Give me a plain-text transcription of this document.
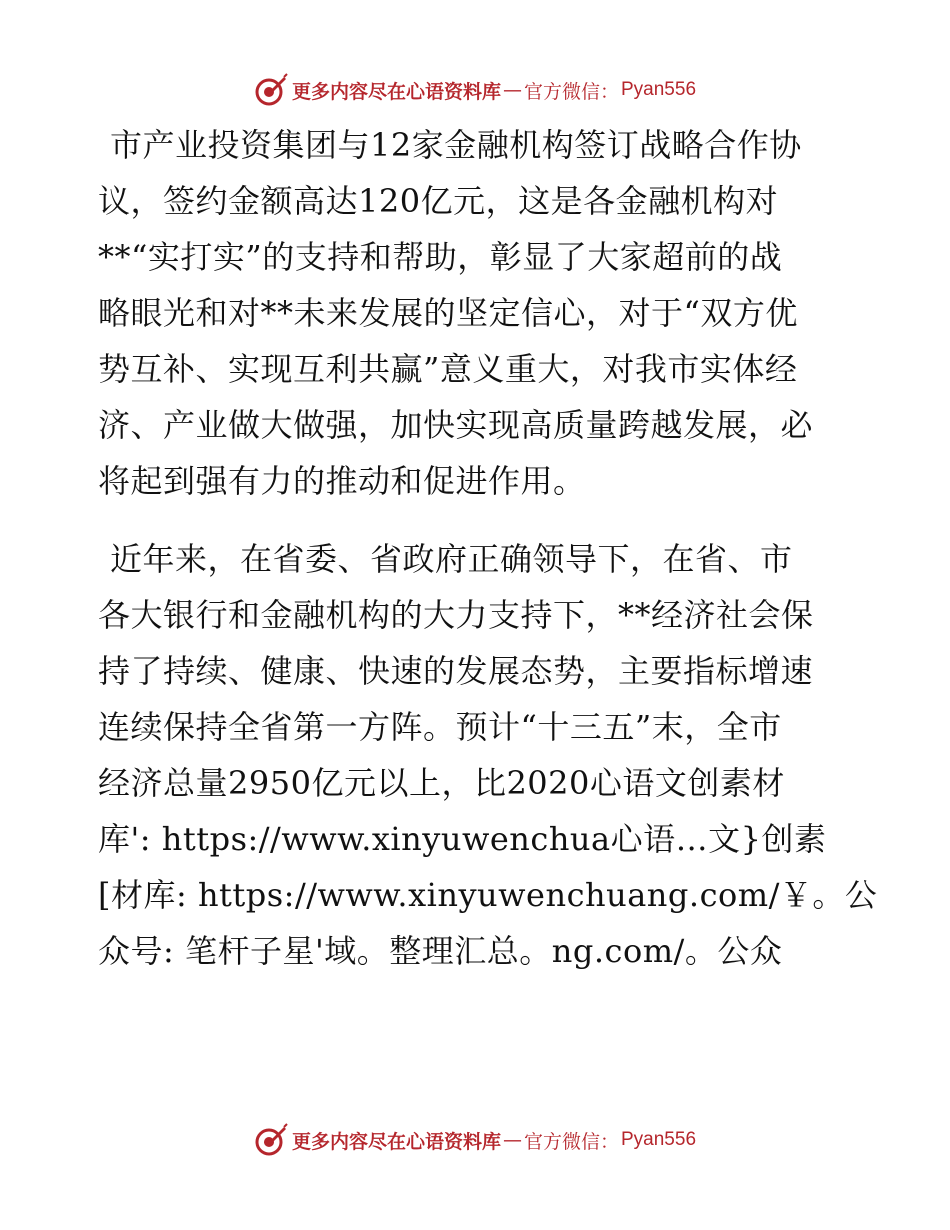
更多内容尽在心语资料库 — 官方微信： Pyan556

市产业投资集团与12家金融机构签订战略合作协
议，签约金额高达120亿元，这是各金融机构对
**“实打实”的支持和帮助，彰显了大家超前的战
略眼光和对**未来发展的坚定信心，对于“双方优
势互补、实现互利共赢”意义重大，对我市实体经
济、产业做大做强，加快实现高质量跨越发展，必
将起到强有力的推动和促进作用。

近年来，在省委、省政府正确领导下，在省、市
各大银行和金融机构的大力支持下，**经济社会保
持了持续、健康、快速的发展态势，主要指标增速
连续保持全省第一方阵。预计“十三五”末，全市
经济总量2950亿元以上，比2020心语文创素材
库': https://www.xinyuwenchua心语…文}创素
[材库: https://www.xinyuwenchuang.com/￥。公
众号: 笔杆子星'域。整理汇总。ng.com/。公众

更多内容尽在心语资料库 — 官方微信： Pyan556
